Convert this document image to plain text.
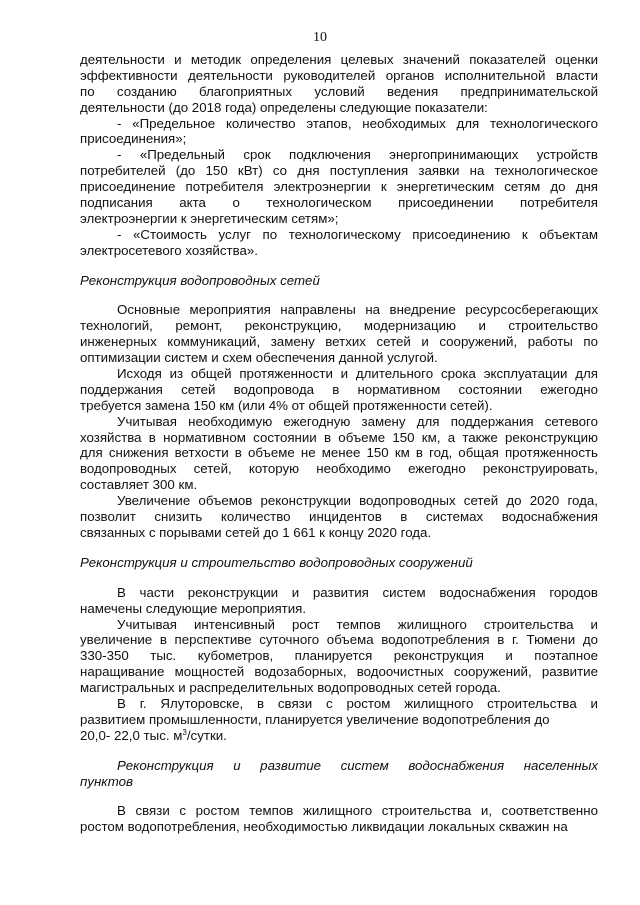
10
деятельности и методик определения целевых значений показателей оценки
эффективности деятельности руководителей органов исполнительной власти
по созданию благоприятных условий ведения предпринимательской
деятельности (до 2018 года) определены следующие показатели:
- «Предельное количество этапов, необходимых для технологического
присоединения»;
- «Предельный срок подключения энергопринимающих устройств
потребителей (до 150 кВт) со дня поступления заявки на технологическое
присоединение потребителя электроэнергии к энергетическим сетям до дня
подписания акта о технологическом присоединении потребителя
электроэнергии к энергетическим сетям»;
- «Стоимость услуг по технологическому присоединению к объектам
электросетевого хозяйства».
Реконструкция водопроводных сетей
Основные мероприятия направлены на внедрение ресурсосберегающих
технологий, ремонт, реконструкцию, модернизацию и строительство
инженерных коммуникаций, замену ветхих сетей и сооружений, работы по
оптимизации систем и схем обеспечения данной услугой.
Исходя из общей протяженности и длительного срока эксплуатации для
поддержания сетей водопровода в нормативном состоянии ежегодно
требуется замена 150 км (или 4% от общей протяженности сетей).
Учитывая необходимую ежегодную замену для поддержания сетевого
хозяйства в нормативном состоянии в объеме 150 км, а также реконструкцию
для снижения ветхости в объеме не менее 150 км в год, общая протяженность
водопроводных сетей, которую необходимо ежегодно реконструировать,
составляет 300 км.
Увеличение объемов реконструкции водопроводных сетей до 2020 года,
позволит снизить количество инцидентов в системах водоснабжения
связанных с порывами сетей до 1 661 к концу 2020 года.
Реконструкция и строительство водопроводных сооружений
В части реконструкции и развития систем водоснабжения городов
намечены следующие мероприятия.
Учитывая интенсивный рост темпов жилищного строительства и
увеличение в перспективе суточного объема водопотребления в г. Тюмени до
330-350 тыс. кубометров, планируется реконструкция и поэтапное
наращивание мощностей водозаборных, водоочистных сооружений, развитие
магистральных и распределительных водопроводных сетей города.
В г. Ялуторовске, в связи с ростом жилищного строительства и
развитием промышленности, планируется увеличение водопотребления до
20,0- 22,0 тыс. $м^3$/сутки.
Реконструкция и развитие систем водоснабжения населенных
пунктов
В связи с ростом темпов жилищного строительства и, соответственно
ростом водопотребления, необходимостью ликвидации локальных скважин на
